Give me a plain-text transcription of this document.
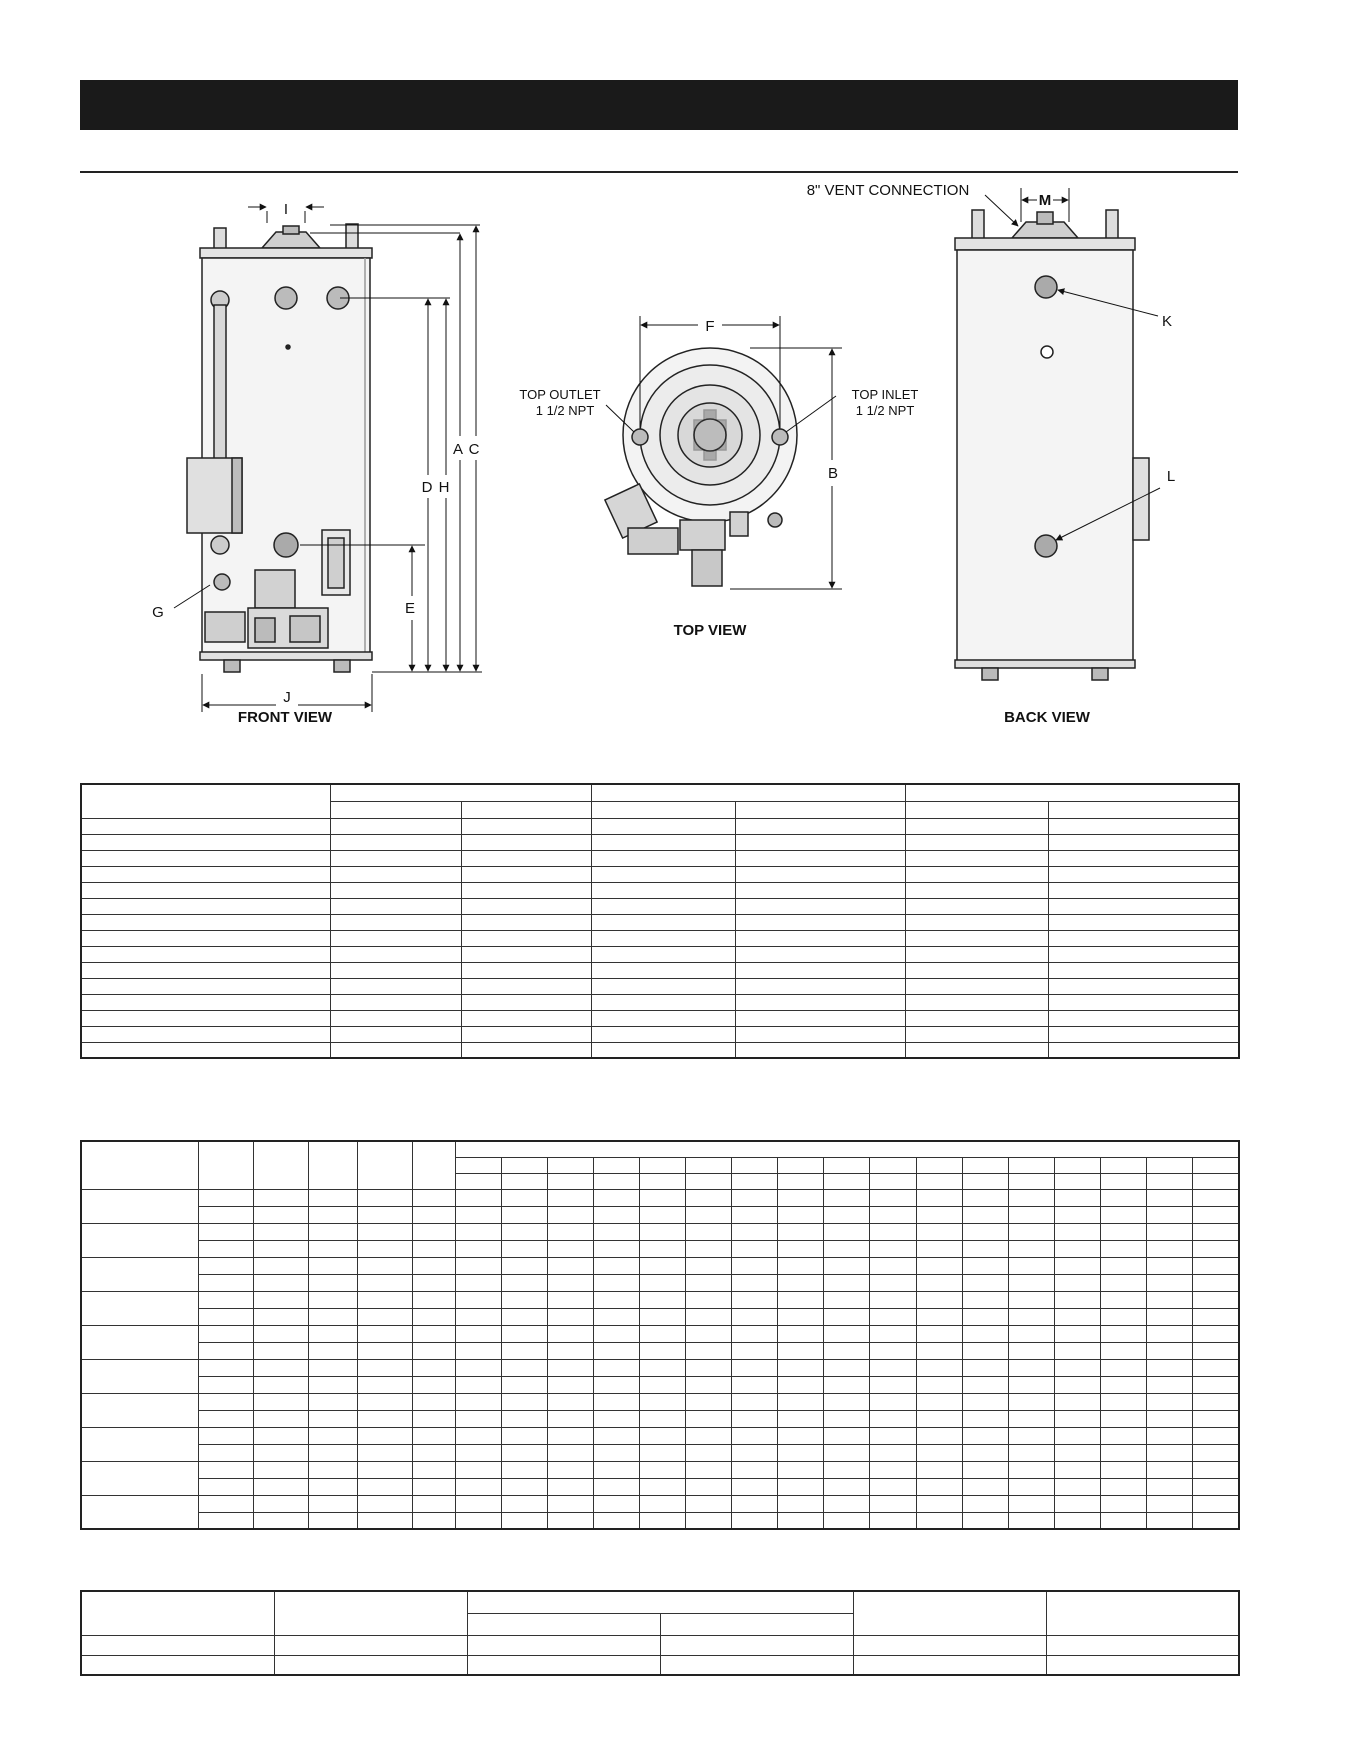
I
A C
D H
E
J
G
FRONT VIEW
F
B
TOP OUTLET
1 1/2 NPT
TOP INLET
1 1/2 NPT
TOP VIEW
8" VENT CONNECTION
M
K
L
BACK VIEW
